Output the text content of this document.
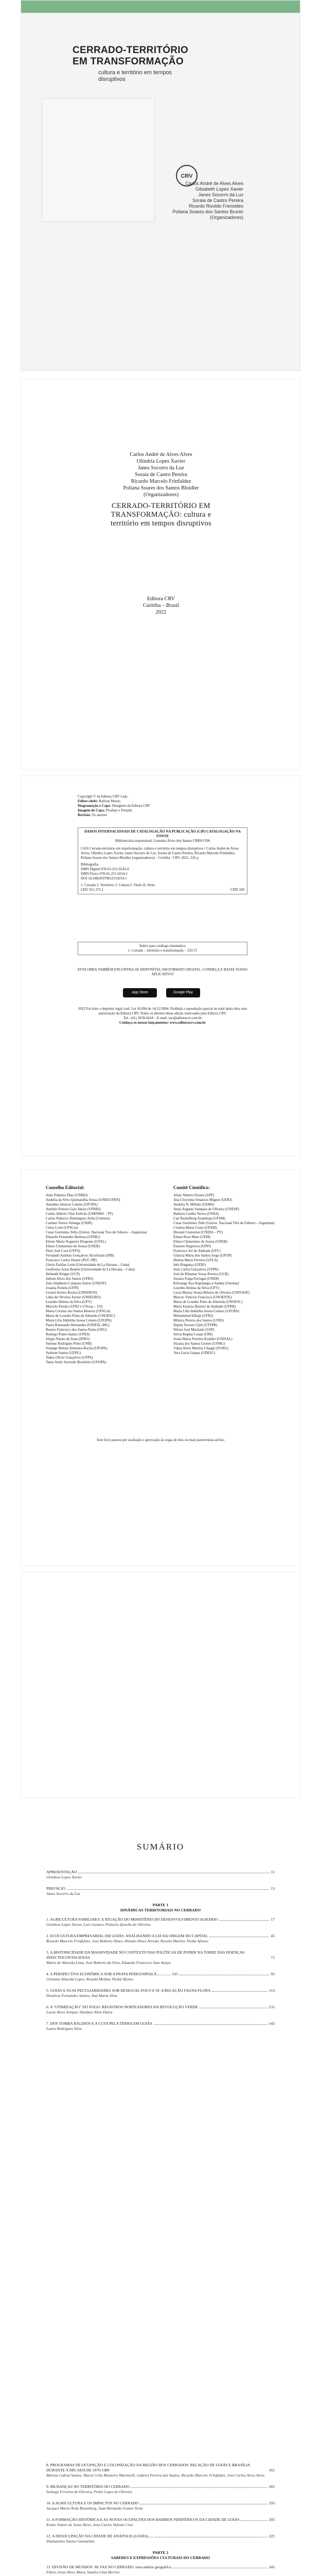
CERRADO-TERRITÓRIO
EM TRANSFORMAÇÃO
cultura e território em tempos disruptivos
CRV
Carlos André de Alves Alves
Gilsabeth Lopes Xavier
Janes Socorro da Luz
Soraia de Castro Pereira
Ricardo Rivoldo Frenoldes
Poliana Soares dos Santos Brunto
(Organizadores)
Carlos André de Alves Alves
Olindria Lopes Xavier
Janes Socorro da Luz
Soraia de Castro Pereira
Ricardo Marcelo Frinfaldez
Poliana Soares dos Santos Bloidler
(Organizadores)
CERRADO-TERRITÓRIO EM
TRANSFORMAÇÃO: cultura e
território em tempos disruptivos
Editora CRV
Curitiba – Brasil
2022
Copyright © da Editora CRV Ltda.
Editor-chefe: Railson Moura
Diagramação e Capa: Designers da Editora CRV
Imagem de Capa: Pixabay e Freepik
Revisão: Os autores
DADOS INTERNACIONAIS DE CATALOGAÇÃO NA PUBLICAÇÃO (CIP) CATALOGAÇÃO NA FONTE
Bibliotecária responsável: Luzenira Alves dos Santos CRB9/1506
C416 Cerrado-território em transformação: cultura e território em tempos disruptivos / Carlos André de Alves Alves, Olindria Lopes Xavier, Janes Socorro da Luz, Soraia de Castro Pereira, Ricardo Marcelo Frinfaldez, Poliana Soares dos Santos Bloidler (organizadores) – Curitiba : CRV, 2022. 326 p.
Bibliografia
ISBN Digital 978-65-251-0242-0
ISBN Físico 978-65-251-0254-1
DOI 10.24824/978652510254.1
1. Cerrado 2. Território 3. Cultura I. Título II. Série.
CDU 911.375.1	CDD 330
Índice para catálogo sistemático
1. Cerrado – território e transformação – 333.72
ESTA OBRA TAMBÉM ENCONTRA-SE DISPONÍVEL EM FORMATO DIGITAL. CONHEÇA E BAIXE NOSSO APLICATIVO!
App Store	Google Play
2022 Foi feito o depósito legal conf. Lei 10.994 de 14/12/2004. Proibida a reprodução parcial ou total desta obra sem autorização da Editora CRV. Todos os direitos desta edição reservados pela Editora CRV.
Tel.: (41) 3039-6418 – E-mail: sac@editoracrv.com.br
Conheça os nossos lançamentos: www.editoracrv.com.br
Conselho Editorial:
Aldo Pinheiro Dias (UFRRJ)
Andréia da Silva Quintanilha Sousa (UNIR/UFRN)
Anselmo Alencar Colares (UFOPA)
Antônio Pereira Gaio Júnior (UFRRJ)
Carlos Alberto Vilar Estêvão (UMINHO – PT)
Carlos Federico Dominguez Avila (Unieuro)
Carmen Tereza Velanga (UNIR)
Celso Conti (UFSCar)
Cesar Gerónimo Tello (Univer. Nacional Tres de Febrero – Argentina)
Eduardo Fernandes Barbosa (UFMG)
Elione Maria Nogueira Diogenes (UFAL)
Elizeu Clementino de Souza (UNEB)
Élsio José Corá (UFFS)
Fernando Antônio Gonçalves Alcoforado (IPB)
Francisco Carlos Duarte (PUC-PR)
Gloria Fariñas León (Universidade de La Havana – Cuba)
Guillermo Arias Beatón (Universidade de La Havana – Cuba)
Helmuth Krüger (UCP)
Jailson Alves dos Santos (UFRJ)
João Adalberto Campato Junior (UNESP)
Josania Portela (UFPI)
Leonel Severo Rocha (UNISINOS)
Lídia de Oliveira Xavier (UNIEURO)
Lourdes Helena da Silva (UFV)
Marcelo Paixão (UFRJ e UTexas – US)
Maria Cristina dos Santos Bezerra (UFSCar)
Maria de Lourdes Pinto de Almeida (UNOESC)
Maria Lília Imbiriba Sousa Colares (UFOPA)
Paulo Romualdo Hernandes (UNIFAL-MG)
Renato Francisco dos Santos Paula (UFG)
Rodrigo Pratte-Santos (UFES)
Sérgio Nunes de Jesus (IFRO)
Simone Rodrigues Pinto (UNB)
Solange Helena Ximenes-Rocha (UFOPA)
Sydione Santos (UEPG)
Tadeu Oliver Gonçalves (UFPA)
Tania Suely Azevedo Brasileiro (UFOPA)
Comitê Científico:
Altair Alberto Fávero (UPF)
Ana Chrystina Venancio Mignot (UERJ)
Andréia N. Militão (UEMS)
Anna Augusta Sampaio de Oliveira (UNESP)
Barbara Coelho Neves (UFBA)
Cati Reckelberg Azambuja (UFSM)
Cesar Gerónimo Tello (Univer. Nacional Três de Febrero – Argentina)
Cristina Maria Costa (UFAM)
Diosnel Centurion (UNIDA – PY)
Eliane Rose Maio (UEM)
Elizeu Clementino de Souza (UNEB)
Fauston Negreiros (UFPI)
Francisco Ari de Andrade (UFC)
Gláucia Maria dos Santos Jorge (UFOP)
Helena Maria Ferreira (UFLA)
Inês Bragança (UERJ)
Jean Carlos Gonçalves (UFPR)
José de Ribamar Sousa Pereira (UCB)
Jussara Fraga Portugal (UNEB)
Kilwangy Kya Kapitango-a-Samba (Unemat)
Lourdes Helena da Silva (UFV)
Lucia Marisy Souza Ribeiro de Oliveira (UNIVASF)
Marcos Vinicius Francisco (UNOESTE)
Maria de Lourdes Pinto de Almeida (UNOESC)
Maria Eurácia Barreto de Andrade (UFRB)
Maria Lília Imbiriba Sousa Colares (UFOPA)
Mohammed Elhajji (UFRJ)
Mônica Pereira dos Santos (UFRJ)
Najela Tavares Ujiie (UTFPR)
Nilson José Machado (USP)
Silvia Regina Canan (URI)
Sonia Maria Ferreira Koehler (UNISAL)
Suzana dos Santos Gomes (UFMG)
Vânia Alves Martins Chaigar (FURG)
Vera Lucia Gaspar (UDESC)
Este livro passou por avaliação e aprovação às cegas de dois ou mais pareceristas ad hoc.
SUMÁRIO
APRESENTAÇÃO	11
Gleidson Lopes Xavier
PREFÁCIO	13
Janes Socorro da Luz
PARTE 1
DINÂMICAS TERRITORIAIS NO CERRADO
1. AGRICULTURA FAMILIAR E A ATUAÇÃO DO MINISTÉRIO DO DESENVOLVIMENTO AGRÁRIO	17
Gleidson Lopes Xavier, Luis Gustavo Pinheiro Zanella de Oliveira
2. ECOCULTURA EMPRESARIAL EM GOIÁS: ANÁLISANDO A LEI DA ORIGEM DO CAPITAL	45
Ricardo Marcelo Frinfaldez, José Roberto Hines, Hinnan Hines Arruda, Rossini Martins Thobá Afonso
3. A HISTORICIDADE DA MASSIVIDADE NO CONTEXTO DAS POLÍTICAS DE PODER NA TORRE DAS DOENÇAS INFECTOCONTAGIOSAS	71
Maíra de Almeida Lima, José Roberto da Silva, Eduardo Francisco Sam Anaya
4. A PERSPECTIVA ECONÔMICA SOB A PRATA PERIGOSPIALÁ............... GO	93
Gisleane Almeida Lopes, Ronald Medina Thobá Afonso
5. GOIÁS E SUAS PECULIARIDADES SOB DESIGUAL FOCO E SI: A RELAÇÃO FAUNA FLORA	113
Denilson Fernandes Santos, Ana Maria Silva
6. A "OTIMIZAÇÃO" DO FOGO: REGISTROS NORTEADORES DA REVOLUÇÃO VERDE	131
Lucas Alves Sempar, Sthefany Aline Dutra
7. DOS TOMBA BALDIOS E A LUTA PELA TERRA EM GOIÁS	143
Laura Rodrigues Silva
8. PROGRAMAS DE OCUPAÇÃO E COLONIZAÇÃO DA REGIÃO DOS CERRADOS: RELAÇÃO DE GOIÁS E BRASÍLIA DURANTE A DÉCADA DE 1970-1980	165
Marina Cabral Santos, Maria Celia Monteiro Martinelli, Gabriel Pereira dos Santos, Ricardo Marcelo Frinfaldez, José Carlos Alves Alves
9. MUDANÇAS NO TERRITÓRIO DO CERRADO	181
Solange Ferreira de Oliveira, Pedro Lopes de Oliveira
10. A AGRICULTURA E OS IMPACTOS NO CERRADO	193
Jacques Maria Ávila Rosenberg, Juan Bernardo Gomes Ávila
11. A FORMAÇÃO HISTÓRICA E AS NOVAS OCUPAÇÕES DOS BAIRROS PERIFÉRICOS DA CIDADE DE GOIÁS	205
Evane Soares de Jesus Alves, Jean Carlos Valente Cruz
12. A DESOCUPAÇÃO NA CIDADE DE ANÁPOLIS (GOIÁS)......	225
Diamantino Santos Guimarães
PARTE 2
SABERES E EXPRESSÕES CULTURAIS DO CERRADO
13. DIVISÃO DE MUNDOS: SE FAZ NO CERRADO: uma análise geográfica	245
Flávio Jesus Alves Mara, Sandra Lima Berrini
